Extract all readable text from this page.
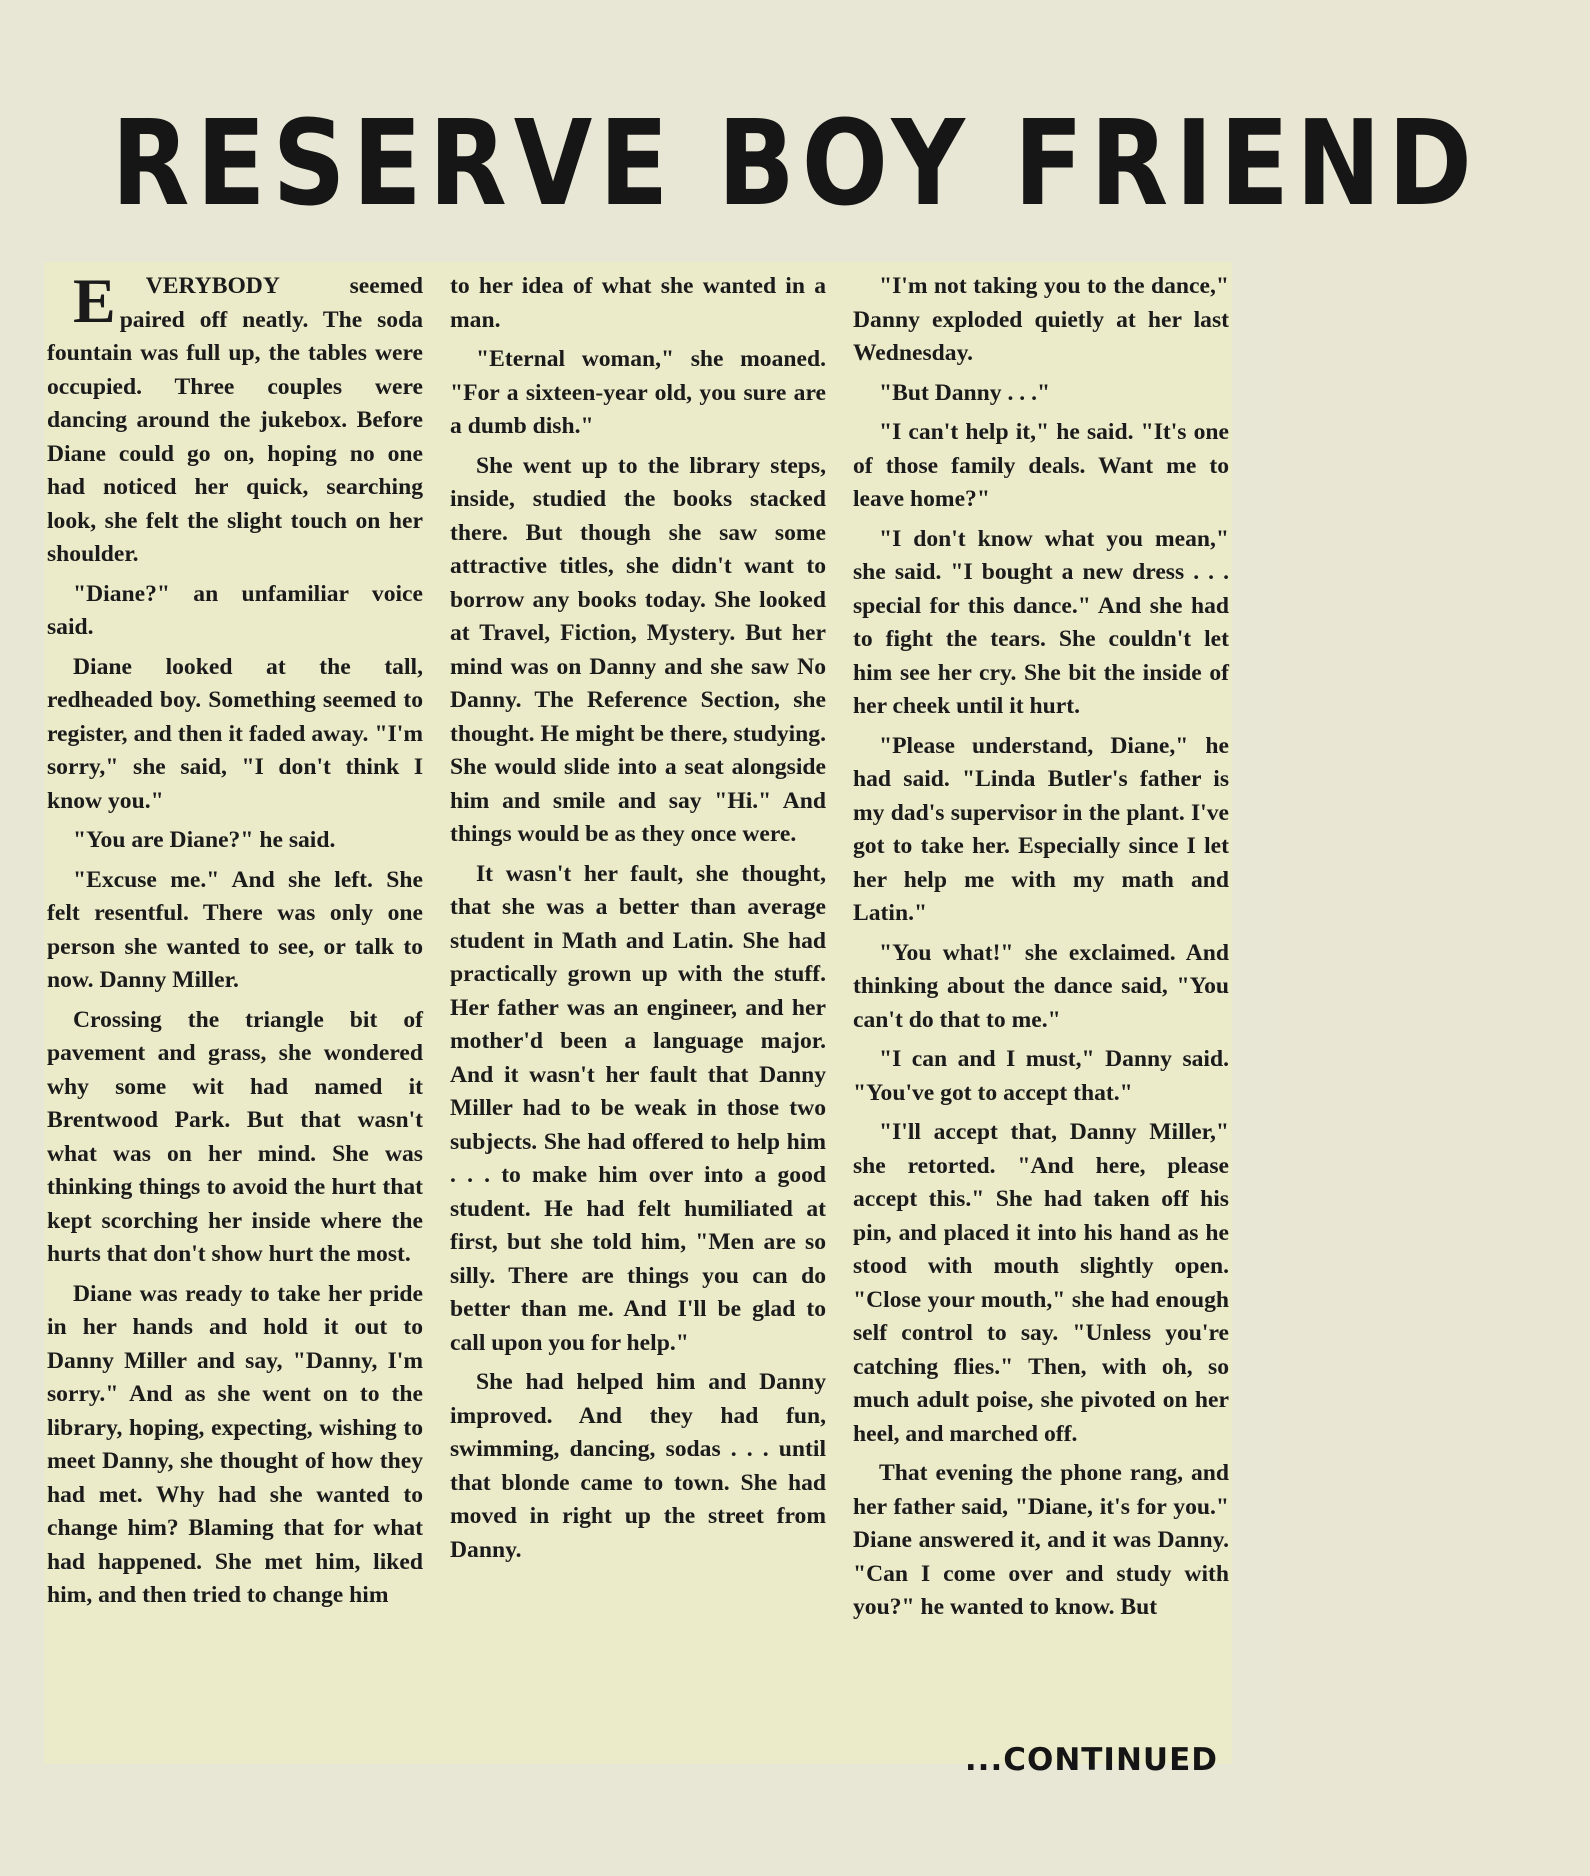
RESERVE BOY FRIEND

E VERYBODY seemed paired off neatly. The soda fountain was full up, the tables were occupied. Three couples were dancing around the jukebox. Before Diane could go on, hoping no one had noticed her quick, searching look, she felt the slight touch on her shoulder.

"Diane?" an unfamiliar voice said.

Diane looked at the tall, redheaded boy. Something seemed to register, and then it faded away. "I'm sorry," she said, "I don't think I know you."

"You are Diane?" he said.

"Excuse me." And she left. She felt resentful. There was only one person she wanted to see, or talk to now. Danny Miller.

Crossing the triangle bit of pavement and grass, she wondered why some wit had named it Brentwood Park. But that wasn't what was on her mind. She was thinking things to avoid the hurt that kept scorching her inside where the hurts that don't show hurt the most.

Diane was ready to take her pride in her hands and hold it out to Danny Miller and say, "Danny, I'm sorry." And as she went on to the library, hoping, expecting, wishing to meet Danny, she thought of how they had met. Why had she wanted to change him? Blaming that for what had happened. She met him, liked him, and then tried to change him

to her idea of what she wanted in a man.

"Eternal woman," she moaned. "For a sixteen-year old, you sure are a dumb dish."

She went up to the library steps, inside, studied the books stacked there. But though she saw some attractive titles, she didn't want to borrow any books today. She looked at Travel, Fiction, Mystery. But her mind was on Danny and she saw No Danny. The Reference Section, she thought. He might be there, studying. She would slide into a seat alongside him and smile and say "Hi." And things would be as they once were.

It wasn't her fault, she thought, that she was a better than average student in Math and Latin. She had practically grown up with the stuff. Her father was an engineer, and her mother'd been a language major. And it wasn't her fault that Danny Miller had to be weak in those two subjects. She had offered to help him . . . to make him over into a good student. He had felt humiliated at first, but she told him, "Men are so silly. There are things you can do better than me. And I'll be glad to call upon you for help."

She had helped him and Danny improved. And they had fun, swimming, dancing, sodas . . . until that blonde came to town. She had moved in right up the street from Danny.

"I'm not taking you to the dance," Danny exploded quietly at her last Wednesday.

"But Danny . . ."

"I can't help it," he said. "It's one of those family deals. Want me to leave home?"

"I don't know what you mean," she said. "I bought a new dress . . . special for this dance." And she had to fight the tears. She couldn't let him see her cry. She bit the inside of her cheek until it hurt.

"Please understand, Diane," he had said. "Linda Butler's father is my dad's supervisor in the plant. I've got to take her. Especially since I let her help me with my math and Latin."

"You what!" she exclaimed. And thinking about the dance said, "You can't do that to me."

"I can and I must," Danny said. "You've got to accept that."

"I'll accept that, Danny Miller," she retorted. "And here, please accept this." She had taken off his pin, and placed it into his hand as he stood with mouth slightly open. "Close your mouth," she had enough self control to say. "Unless you're catching flies." Then, with oh, so much adult poise, she pivoted on her heel, and marched off.

That evening the phone rang, and her father said, "Diane, it's for you." Diane answered it, and it was Danny. "Can I come over and study with you?" he wanted to know. But

...CONTINUED
